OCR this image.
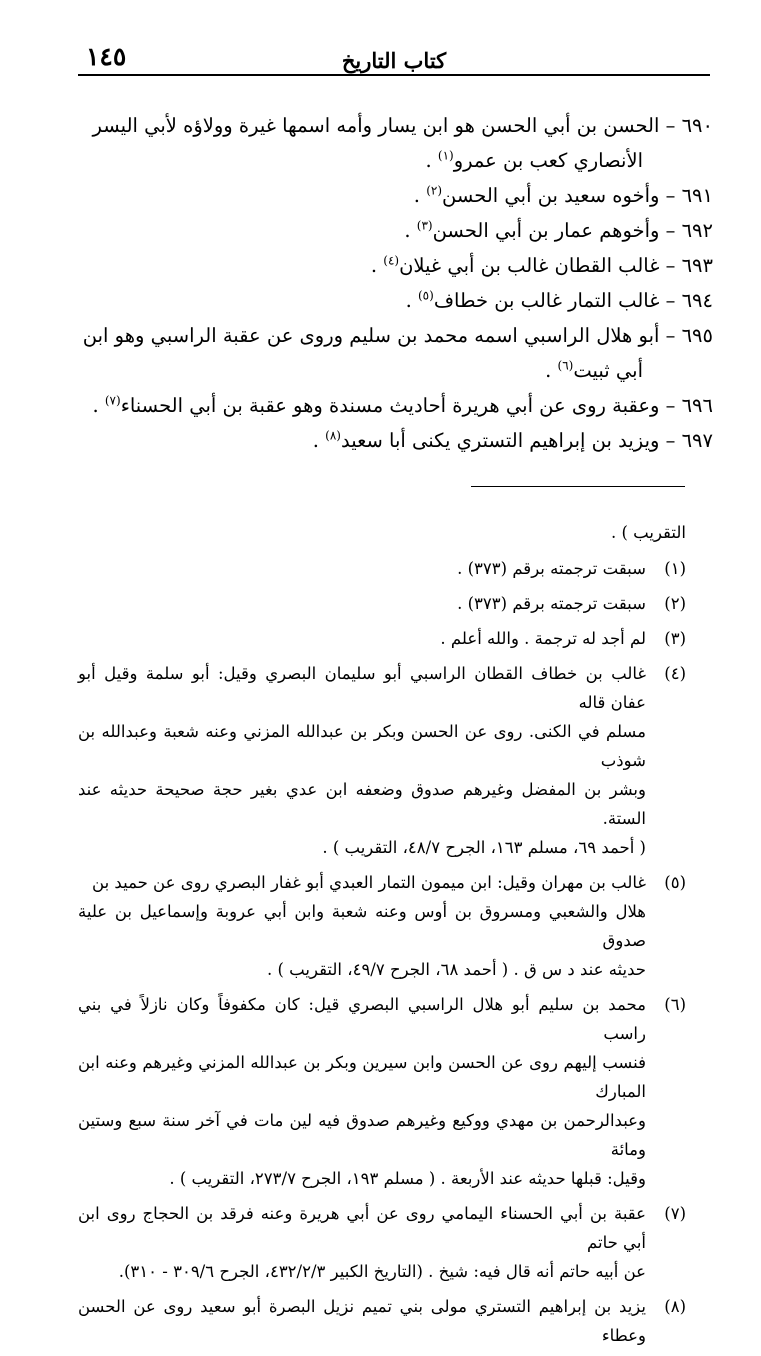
١٤٥	كتاب التاريخ
٦٩٠ – الحسن بن أبي الحسن هو ابن يسار وأمه اسمها غيرة وولاؤه لأبي اليسر
الأنصاري كعب بن عمرو$^{(١)}$ .
٦٩١ – وأخوه سعيد بن أبي الحسن$^{(٢)}$ .
٦٩٢ – وأخوهم عمار بن أبي الحسن$^{(٣)}$ .
٦٩٣ – غالب القطان غالب بن أبي غيلان$^{(٤)}$ .
٦٩٤ – غالب التمار غالب بن خطاف$^{(٥)}$ .
٦٩٥ – أبو هلال الراسبي اسمه محمد بن سليم وروى عن عقبة الراسبي وهو ابن
أبي ثبيت$^{(٦)}$ .
٦٩٦ – وعقبة روى عن أبي هريرة أحاديث مسندة وهو عقبة بن أبي الحسناء$^{(٧)}$ .
٦٩٧ – ويزيد بن إبراهيم التستري يكنى أبا سعيد$^{(٨)}$ .
التقريب ) .
(١)
سبقت ترجمته برقم (٣٧٣) .
(٢)
سبقت ترجمته برقم (٣٧٣) .
(٣)
لم أجد له ترجمة . والله أعلم .
(٤)
غالب بن خطاف القطان الراسبي أبو سليمان البصري وقيل: أبو سلمة وقيل أبو عفان قاله
مسلم في الكنى. روى عن الحسن وبكر بن عبدالله المزني وعنه شعبة وعبدالله بن شوذب
وبشر بن المفضل وغيرهم صدوق وضعفه ابن عدي بغير حجة صحيحة حديثه عند الستة.
( أحمد ٦٩، مسلم ١٦٣، الجرح ٤٨/٧، التقريب ) .
(٥)
غالب بن مهران وقيل: ابن ميمون التمار العبدي أبو غفار البصري روى عن حميد بن
هلال والشعبي ومسروق بن أوس وعنه شعبة وابن أبي عروبة وإسماعيل بن علية صدوق
حديثه عند د س ق . ( أحمد ٦٨، الجرح ٤٩/٧، التقريب ) .
(٦)
محمد بن سليم أبو هلال الراسبي البصري قيل: كان مكفوفاً وكان نازلاً في بني راسب
فنسب إليهم روى عن الحسن وابن سيرين وبكر بن عبدالله المزني وغيرهم وعنه ابن المبارك
وعبدالرحمن بن مهدي ووكيع وغيرهم صدوق فيه لين مات في آخر سنة سبع وستين ومائة
وقيل: قبلها حديثه عند الأربعة . ( مسلم ١٩٣، الجرح ٢٧٣/٧، التقريب ) .
(٧)
عقبة بن أبي الحسناء اليمامي روى عن أبي هريرة وعنه فرقد بن الحجاج روى ابن أبي حاتم
عن أبيه حاتم أنه قال فيه: شيخ . (التاريخ الكبير ٤٣٢/٢/٣، الجرح ٣٠٩/٦ - ٣١٠).
(٨)
يزيد بن إبراهيم التستري مولى بني تميم نزيل البصرة أبو سعيد روى عن الحسن وعطاء
